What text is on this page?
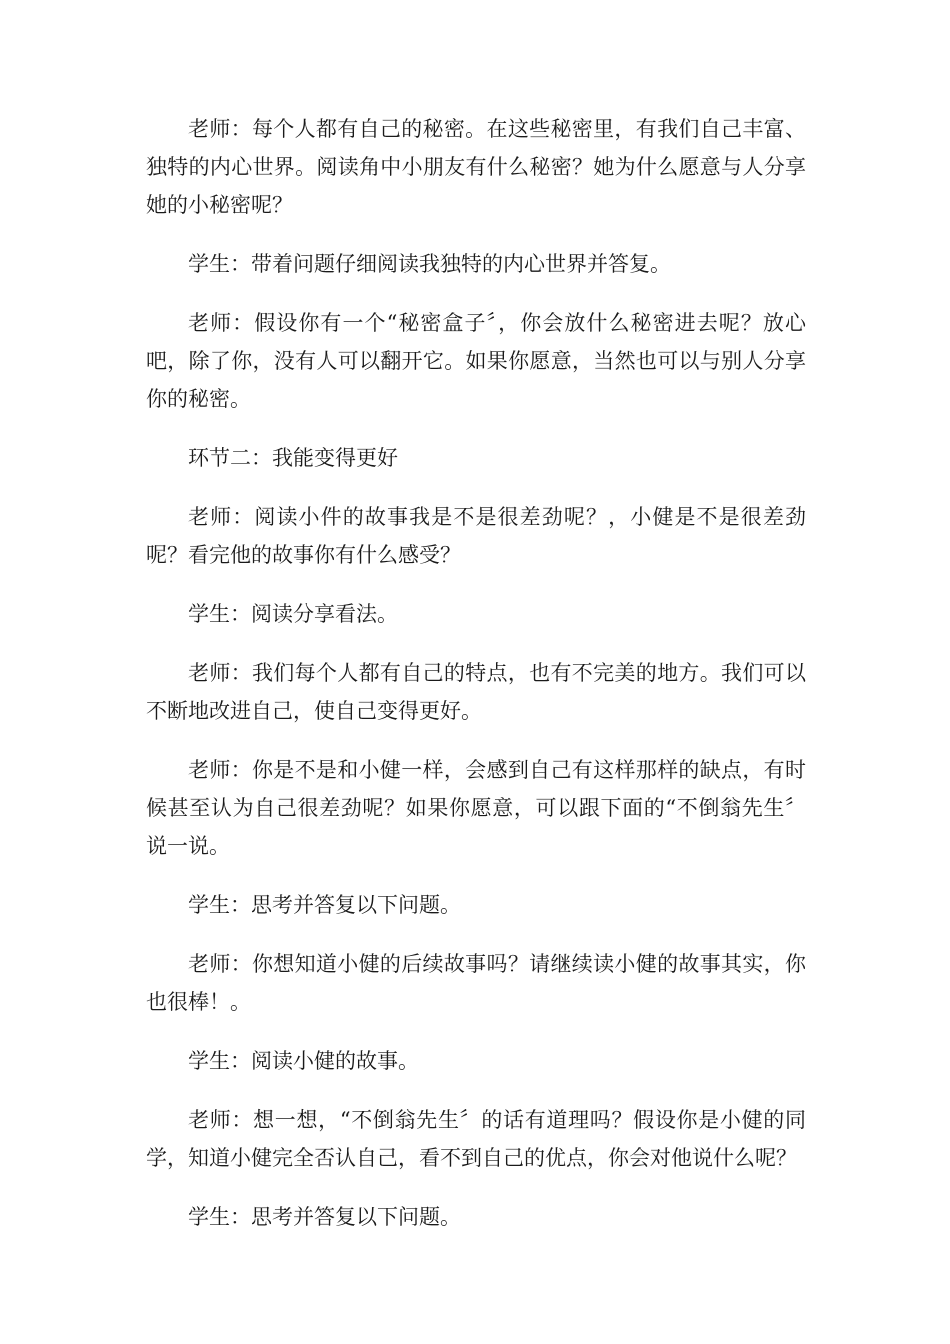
老师：每个人都有自己的秘密。在这些秘密里，有我们自己丰富、独特的内心世界。阅读角中小朋友有什么秘密？她为什么愿意与人分享她的小秘密呢？

学生：带着问题仔细阅读我独特的内心世界并答复。

老师：假设你有一个“秘密盒子〞，你会放什么秘密进去呢？放心吧，除了你，没有人可以翻开它。如果你愿意，当然也可以与别人分享你的秘密。

环节二：我能变得更好

老师：阅读小件的故事我是不是很差劲呢？，小健是不是很差劲呢？看完他的故事你有什么感受？

学生：阅读分享看法。

老师：我们每个人都有自己的特点，也有不完美的地方。我们可以不断地改进自己，使自己变得更好。

老师：你是不是和小健一样，会感到自己有这样那样的缺点，有时候甚至认为自己很差劲呢？如果你愿意，可以跟下面的“不倒翁先生〞说一说。

学生：思考并答复以下问题。

老师：你想知道小健的后续故事吗？请继续读小健的故事其实，你也很棒！。

学生：阅读小健的故事。

老师：想一想，“不倒翁先生〞的话有道理吗？假设你是小健的同学，知道小健完全否认自己，看不到自己的优点，你会对他说什么呢？

学生：思考并答复以下问题。
